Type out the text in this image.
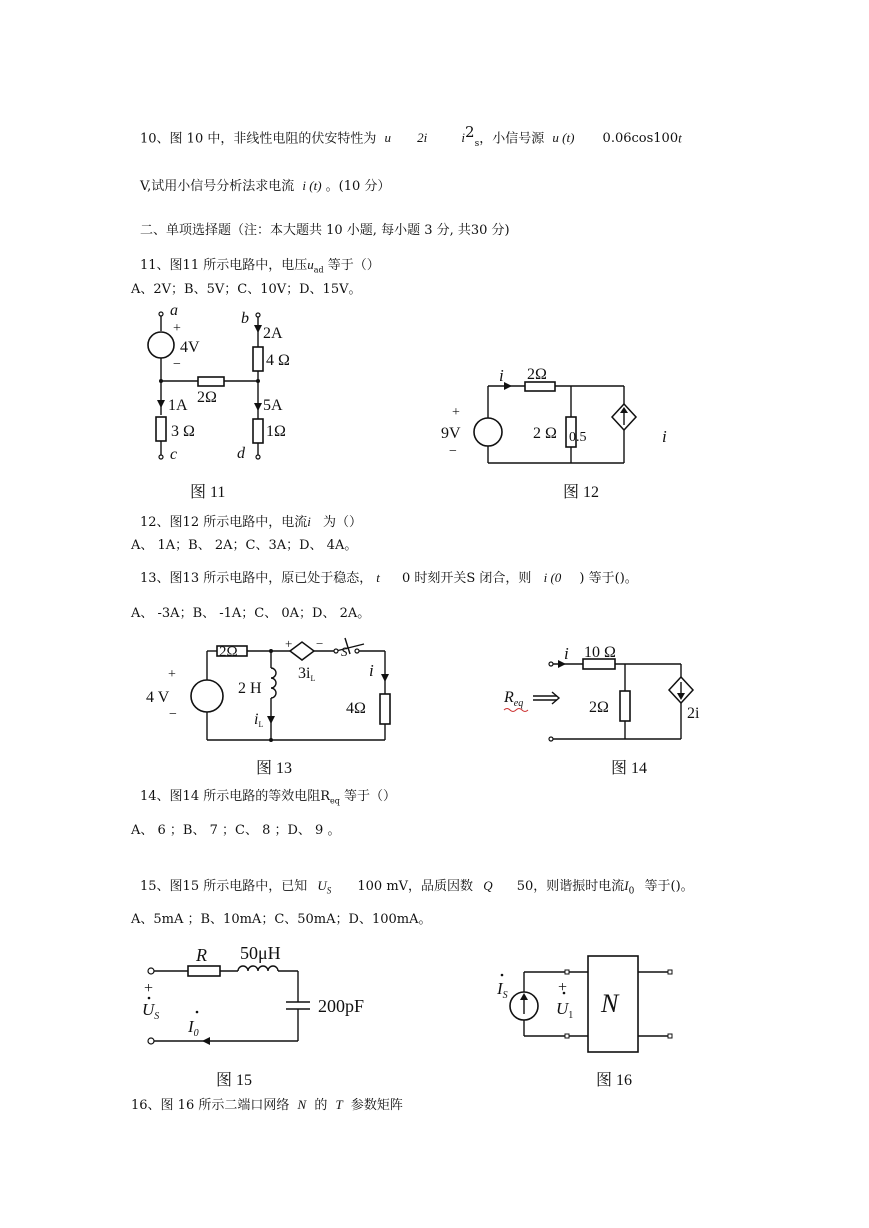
10、图 10 中，非线性电阻的伏安特性为 u 2i	$i^2_s$，小信号源 u (t) 0.06cos100t
V,试用小信号分析法求电流 i (t) 。(10 分）
二、单项选择题（注：本大题共 10 小题, 每小题 3 分, 共30 分)
11、图11 所示电路中，电压$u_{ad}$ 等于（）
A、2V；B、5V；C、10V；D、15V。
a
+
4V
−
b
2A
4 Ω
2Ω
1A
3 Ω
c
5A
1Ω
d
图 11
i 2Ω
+
9V
−
2 Ω 0.5	i
图 12
12、图12 所示电路中，电流i 为（）
A、 1A；B、 2A；C、3A；D、 4A。
13、图13 所示电路中，原已处于稳态， t 0 时刻开关S 闭合，则 i (0 ) 等于()。
A、 -3A；B、 -1A；C、 0A；D、 2A。
2Ω
+ −
S
3iL	i
+
4 V
−
2 H
iL
4Ω
图 13
i 10 Ω
$R_{eq}$	2Ω	2i
图 14
14、图14 所示电路的等效电阻$R_{eq}$ 等于（）
A、 6 ；B、 7 ；C、 8 ；D、 9 。
15、图15 所示电路中，已知 $U_S$ 100 mV，品质因数 Q 50，则谐振时电流$I_0$ 等于()。
A、5mA ；B、10mA；C、50mA；D、100mA。
R 50μH
200pF
+
$U_S$
$I_0$
图 15
$I_S$	+
$U_1$ N
图 16
16、图 16 所示二端口网络 N 的 T 参数矩阵
